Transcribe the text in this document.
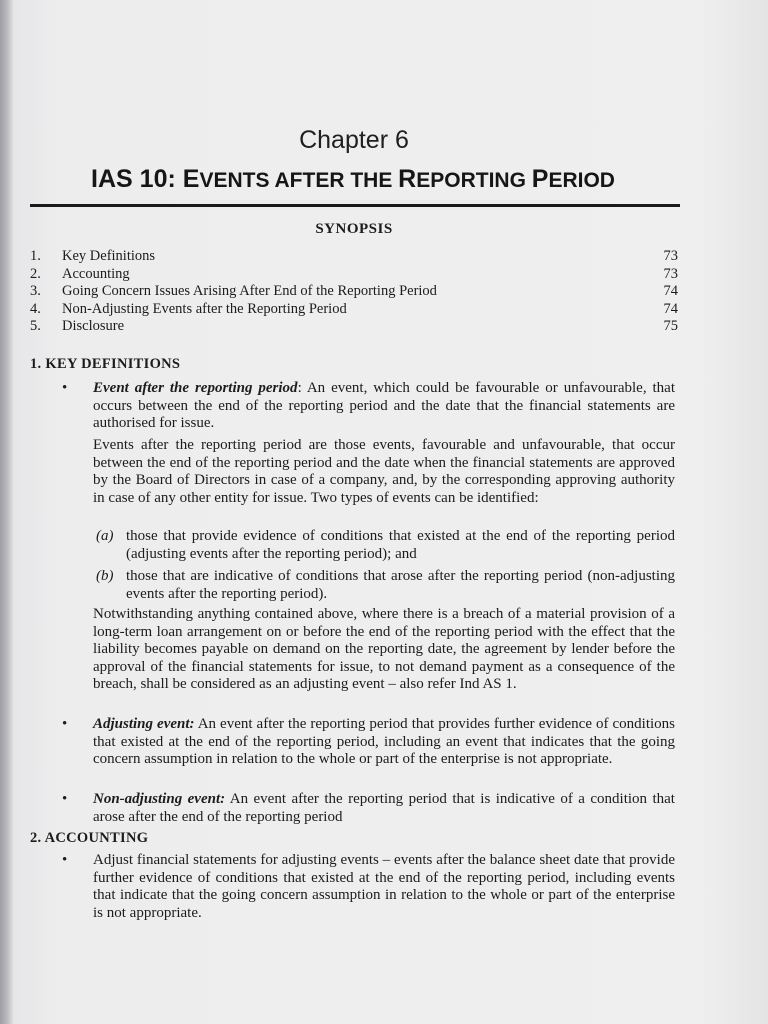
Chapter 6
IAS 10: EVENTS AFTER THE REPORTING PERIOD
SYNOPSIS
1.	Key Definitions	73
2.	Accounting	73
3.	Going Concern Issues Arising After End of the Reporting Period	74
4.	Non-Adjusting Events after the Reporting Period	74
5.	Disclosure	75
1. KEY DEFINITIONS
• Event after the reporting period: An event, which could be favourable or unfavourable, that occurs between the end of the reporting period and the date that the financial statements are authorised for issue.
Events after the reporting period are those events, favourable and unfavourable, that occur between the end of the reporting period and the date when the financial statements are approved by the Board of Directors in case of a company, and, by the corresponding approving authority in case of any other entity for issue. Two types of events can be identified:
(a) those that provide evidence of conditions that existed at the end of the reporting period (adjusting events after the reporting period); and
(b) those that are indicative of conditions that arose after the reporting period (non-adjusting events after the reporting period).
Notwithstanding anything contained above, where there is a breach of a material provision of a long-term loan arrangement on or before the end of the reporting period with the effect that the liability becomes payable on demand on the reporting date, the agreement by lender before the approval of the financial statements for issue, to not demand payment as a consequence of the breach, shall be considered as an adjusting event – also refer Ind AS 1.
• Adjusting event: An event after the reporting period that provides further evidence of conditions that existed at the end of the reporting period, including an event that indicates that the going concern assumption in relation to the whole or part of the enterprise is not appropriate.
• Non-adjusting event: An event after the reporting period that is indicative of a condition that arose after the end of the reporting period
2. ACCOUNTING
• Adjust financial statements for adjusting events – events after the balance sheet date that provide further evidence of conditions that existed at the end of the reporting period, including events that indicate that the going concern assumption in relation to the whole or part of the enterprise is not appropriate.
